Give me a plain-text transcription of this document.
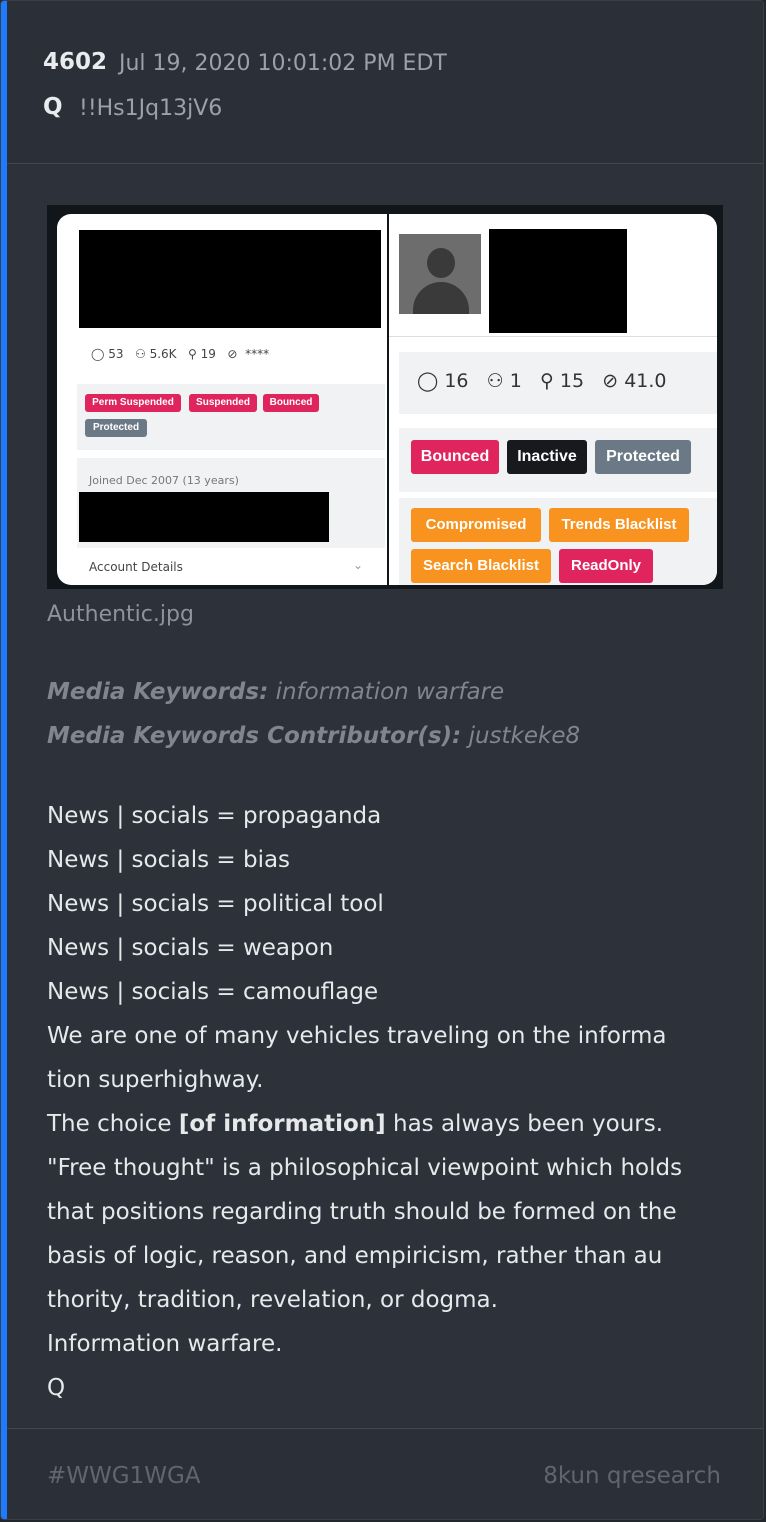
4602 Jul 19, 2020 10:01:02 PM EDT
Q !!Hs1Jq13jV6
◯ 53 ⚇ 5.6K ⚲ 19 ⊘ ****
Perm Suspended	Suspended	Bounced
Protected
Joined Dec 2007 (13 years)
Account Details	⌄
◯ 16 ⚇ 1 ⚲ 15 ⊘ 41.0
Bounced	Inactive	Protected
Compromised	Trends Blacklist
Search Blacklist	ReadOnly
Authentic.jpg
Media Keywords: information warfare
Media Keywords Contributor(s): justkeke8
News | socials = propaganda
News | socials = bias
News | socials = political tool
News | socials = weapon
News | socials = camouflage
We are one of many vehicles traveling on the informa
tion superhighway.
The choice [of information] has always been yours.
"Free thought" is a philosophical viewpoint which holds
that positions regarding truth should be formed on the
basis of logic, reason, and empiricism, rather than au
thority, tradition, revelation, or dogma.
Information warfare.
Q
#WWG1WGA	8kun qresearch
